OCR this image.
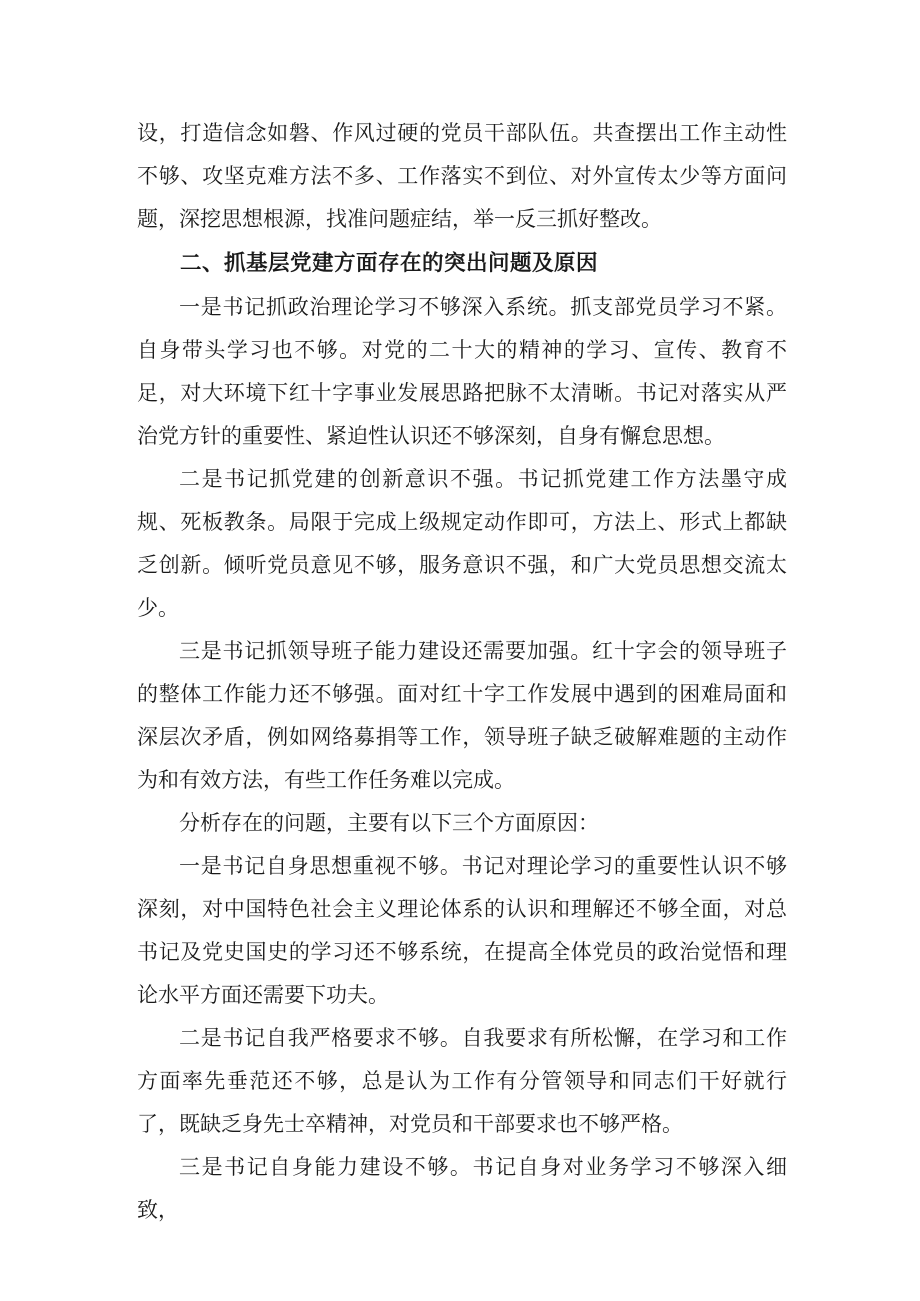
设，打造信念如磐、作风过硬的党员干部队伍。共查摆出工作主动性不够、攻坚克难方法不多、工作落实不到位、对外宣传太少等方面问题，深挖思想根源，找准问题症结，举一反三抓好整改。

二、抓基层党建方面存在的突出问题及原因

一是书记抓政治理论学习不够深入系统。抓支部党员学习不紧。自身带头学习也不够。对党的二十大的精神的学习、宣传、教育不足，对大环境下红十字事业发展思路把脉不太清晰。书记对落实从严治党方针的重要性、紧迫性认识还不够深刻，自身有懈怠思想。

二是书记抓党建的创新意识不强。书记抓党建工作方法墨守成规、死板教条。局限于完成上级规定动作即可，方法上、形式上都缺乏创新。倾听党员意见不够，服务意识不强，和广大党员思想交流太少。

三是书记抓领导班子能力建设还需要加强。红十字会的领导班子的整体工作能力还不够强。面对红十字工作发展中遇到的困难局面和深层次矛盾，例如网络募捐等工作，领导班子缺乏破解难题的主动作为和有效方法，有些工作任务难以完成。

分析存在的问题，主要有以下三个方面原因：

一是书记自身思想重视不够。书记对理论学习的重要性认识不够深刻，对中国特色社会主义理论体系的认识和理解还不够全面，对总书记及党史国史的学习还不够系统，在提高全体党员的政治觉悟和理论水平方面还需要下功夫。

二是书记自我严格要求不够。自我要求有所松懈，在学习和工作方面率先垂范还不够，总是认为工作有分管领导和同志们干好就行了，既缺乏身先士卒精神，对党员和干部要求也不够严格。

三是书记自身能力建设不够。书记自身对业务学习不够深入细致，
